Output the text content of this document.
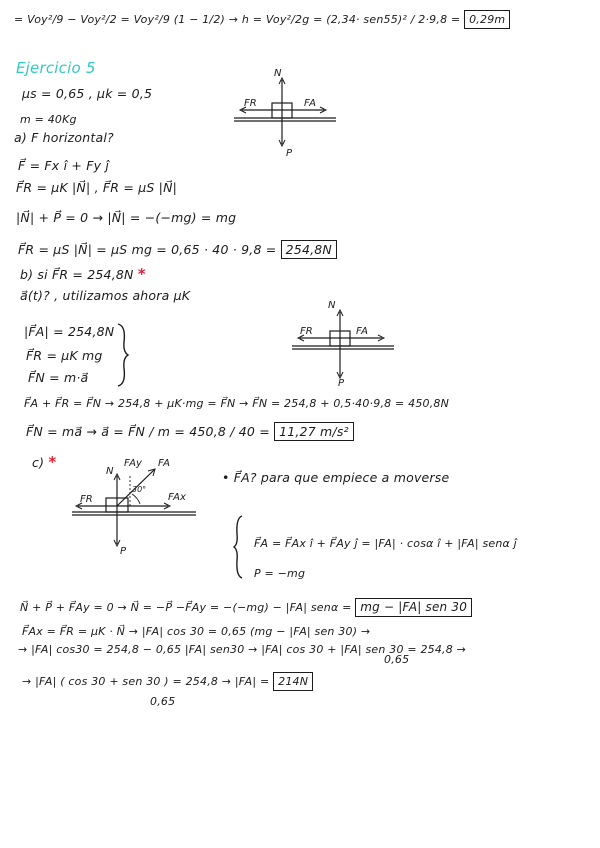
= Voy²/9 − Voy²/2 = Voy²/9 (1 − 1/2) → h = Voy²/2g = (2,34· sen55)² / 2·9,8 = 0,29m
Ejercicio 5
μs = 0,65 , μk = 0,5
m = 40Kg
a) F horizontal?
F⃗ = Fx î + Fy ĵ
F⃗R = μK |N⃗| , F⃗R = μS |N⃗|
|N⃗| + P⃗ = 0 → |N⃗| = −(−mg) = mg
F⃗R = μS |N⃗| = μS mg = 0,65 · 40 · 9,8 = 254,8N
b) si F⃗R = 254,8N *
a⃗(t)? , utilizamos ahora μK
|F⃗A| = 254,8N
F⃗R = μK mg
F⃗N = m·a⃗
F⃗A + F⃗R = F⃗N → 254,8 + μK·mg = F⃗N → F⃗N = 254,8 + 0,5·40·9,8 = 450,8N
F⃗N = ma⃗ → a⃗ = F⃗N / m = 450,8 / 40 = 11,27 m/s²
c) *
• F⃗A? para que empiece a moverse
F⃗A = F⃗Ax î + F⃗Ay ĵ = |FA| · cosα î + |FA| senα ĵ
P = −mg
N⃗ + P⃗ + F⃗Ay = 0 → N⃗ = −P⃗ −F⃗Ay = −(−mg) − |FA| senα = mg − |FA| sen 30
F⃗Ax = F⃗R = μK · N⃗ → |FA| cos 30 = 0,65 (mg − |FA| sen 30) →
→ |FA| cos30 = 254,8 − 0,65 |FA| sen30 → |FA| cos 30 + |FA| sen 30 = 254,8 →
0,65
→ |FA| ( cos 30 + sen 30 ) = 254,8 → |FA| = 214N
0,65
N
FR	FA
P
N
FR	FA
P
FAy FA
FAx
FR
N
P
30°
